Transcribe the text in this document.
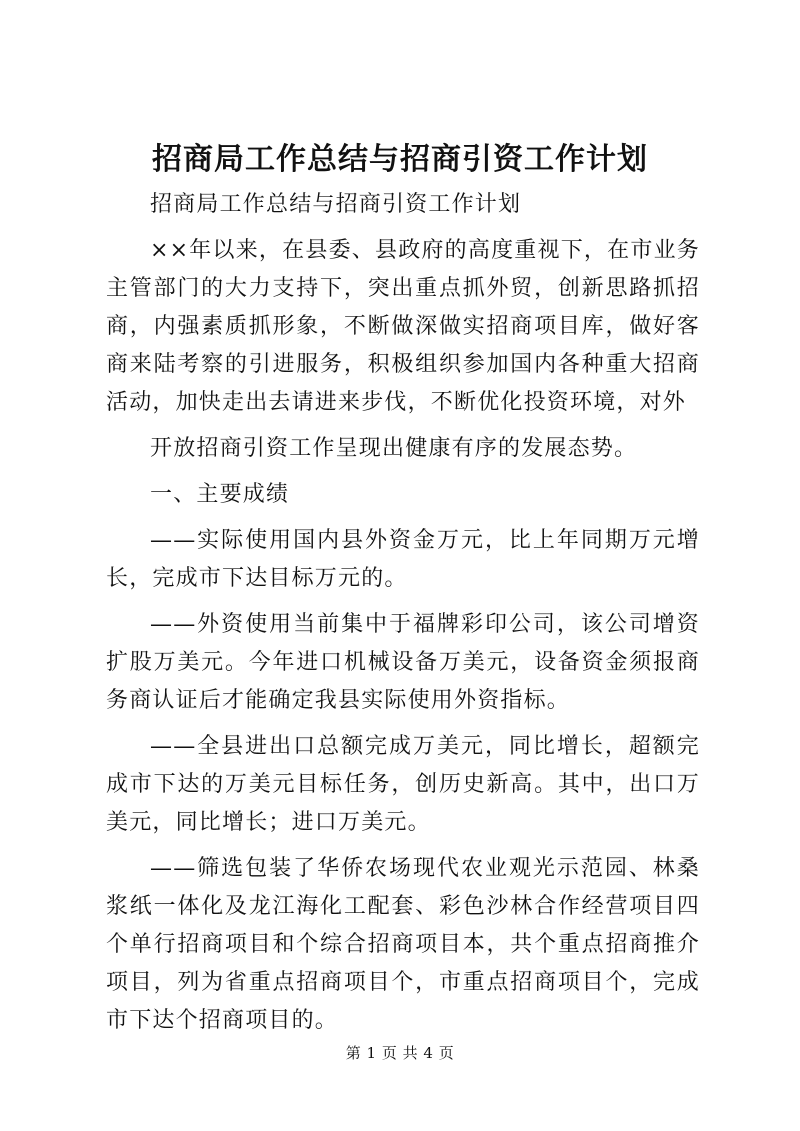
招商局工作总结与招商引资工作计划

招商局工作总结与招商引资工作计划

××年以来，在县委、县政府的高度重视下，在市业务主管部门的大力支持下，突出重点抓外贸，创新思路抓招商，内强素质抓形象，不断做深做实招商项目库，做好客商来陆考察的引进服务，积极组织参加国内各种重大招商活动，加快走出去请进来步伐，不断优化投资环境，对外

开放招商引资工作呈现出健康有序的发展态势。

一、主要成绩

——实际使用国内县外资金万元，比上年同期万元增长，完成市下达目标万元的。

——外资使用当前集中于福牌彩印公司，该公司增资扩股万美元。今年进口机械设备万美元，设备资金须报商务商认证后才能确定我县实际使用外资指标。

——全县进出口总额完成万美元，同比增长，超额完成市下达的万美元目标任务，创历史新高。其中，出口万美元，同比增长；进口万美元。

——筛选包装了华侨农场现代农业观光示范园、林桑浆纸一体化及龙江海化工配套、彩色沙林合作经营项目四个单行招商项目和个综合招商项目本，共个重点招商推介项目，列为省重点招商项目个，市重点招商项目个，完成市下达个招商项目的。

第 1 页 共 4 页
